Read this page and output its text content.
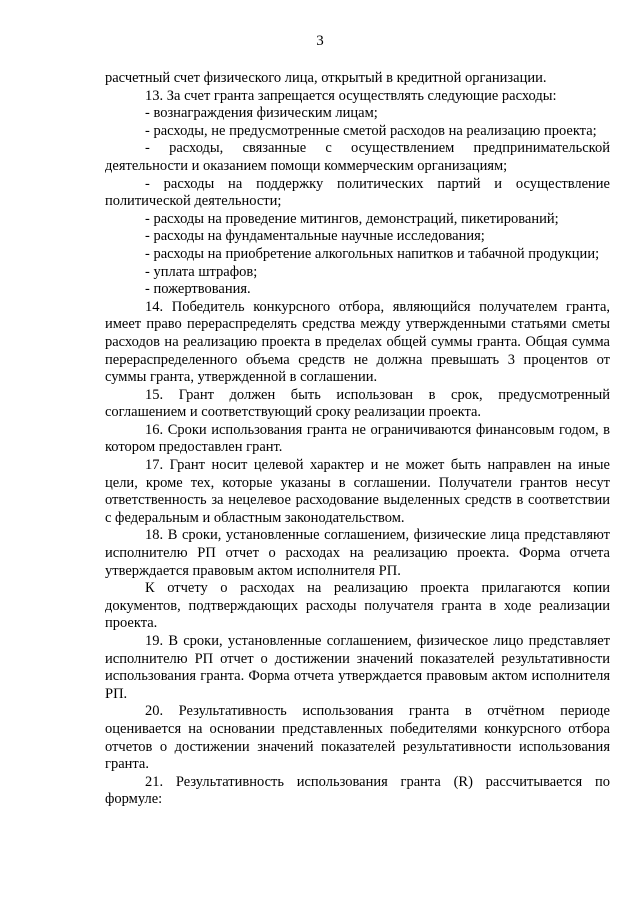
3

расчетный счет физического лица, открытый в кредитной организации.

13. За счет гранта запрещается осуществлять следующие расходы:

- вознаграждения физическим лицам;

- расходы, не предусмотренные сметой расходов на реализацию проекта;

- расходы, связанные с осуществлением предпринимательской деятельности и оказанием помощи коммерческим организациям;

- расходы на поддержку политических партий и осуществление политической деятельности;

- расходы на проведение митингов, демонстраций, пикетирований;

- расходы на фундаментальные научные исследования;

- расходы на приобретение алкогольных напитков и табачной продукции;

- уплата штрафов;

- пожертвования.

14. Победитель конкурсного отбора, являющийся получателем гранта, имеет право перераспределять средства между утвержденными статьями сметы расходов на реализацию проекта в пределах общей суммы гранта. Общая сумма перераспределенного объема средств не должна превышать 3 процентов от суммы гранта, утвержденной в соглашении.

15. Грант должен быть использован в срок, предусмотренный соглашением и соответствующий сроку реализации проекта.

16. Сроки использования гранта не ограничиваются финансовым годом, в котором предоставлен грант.

17. Грант носит целевой характер и не может быть направлен на иные цели, кроме тех, которые указаны в соглашении. Получатели грантов несут ответственность за нецелевое расходование выделенных средств в соответствии с федеральным и областным законодательством.

18. В сроки, установленные соглашением, физические лица представляют исполнителю РП отчет о расходах на реализацию проекта. Форма отчета утверждается правовым актом исполнителя РП.

К отчету о расходах на реализацию проекта прилагаются копии документов, подтверждающих расходы получателя гранта в ходе реализации проекта.

19. В сроки, установленные соглашением, физическое лицо представляет исполнителю РП отчет о достижении значений показателей результативности использования гранта. Форма отчета утверждается правовым актом исполнителя РП.

20. Результативность использования гранта в отчётном периоде оценивается на основании представленных победителями конкурсного отбора отчетов о достижении значений показателей результативности использования гранта.

21. Результативность использования гранта (R) рассчитывается по формуле:
